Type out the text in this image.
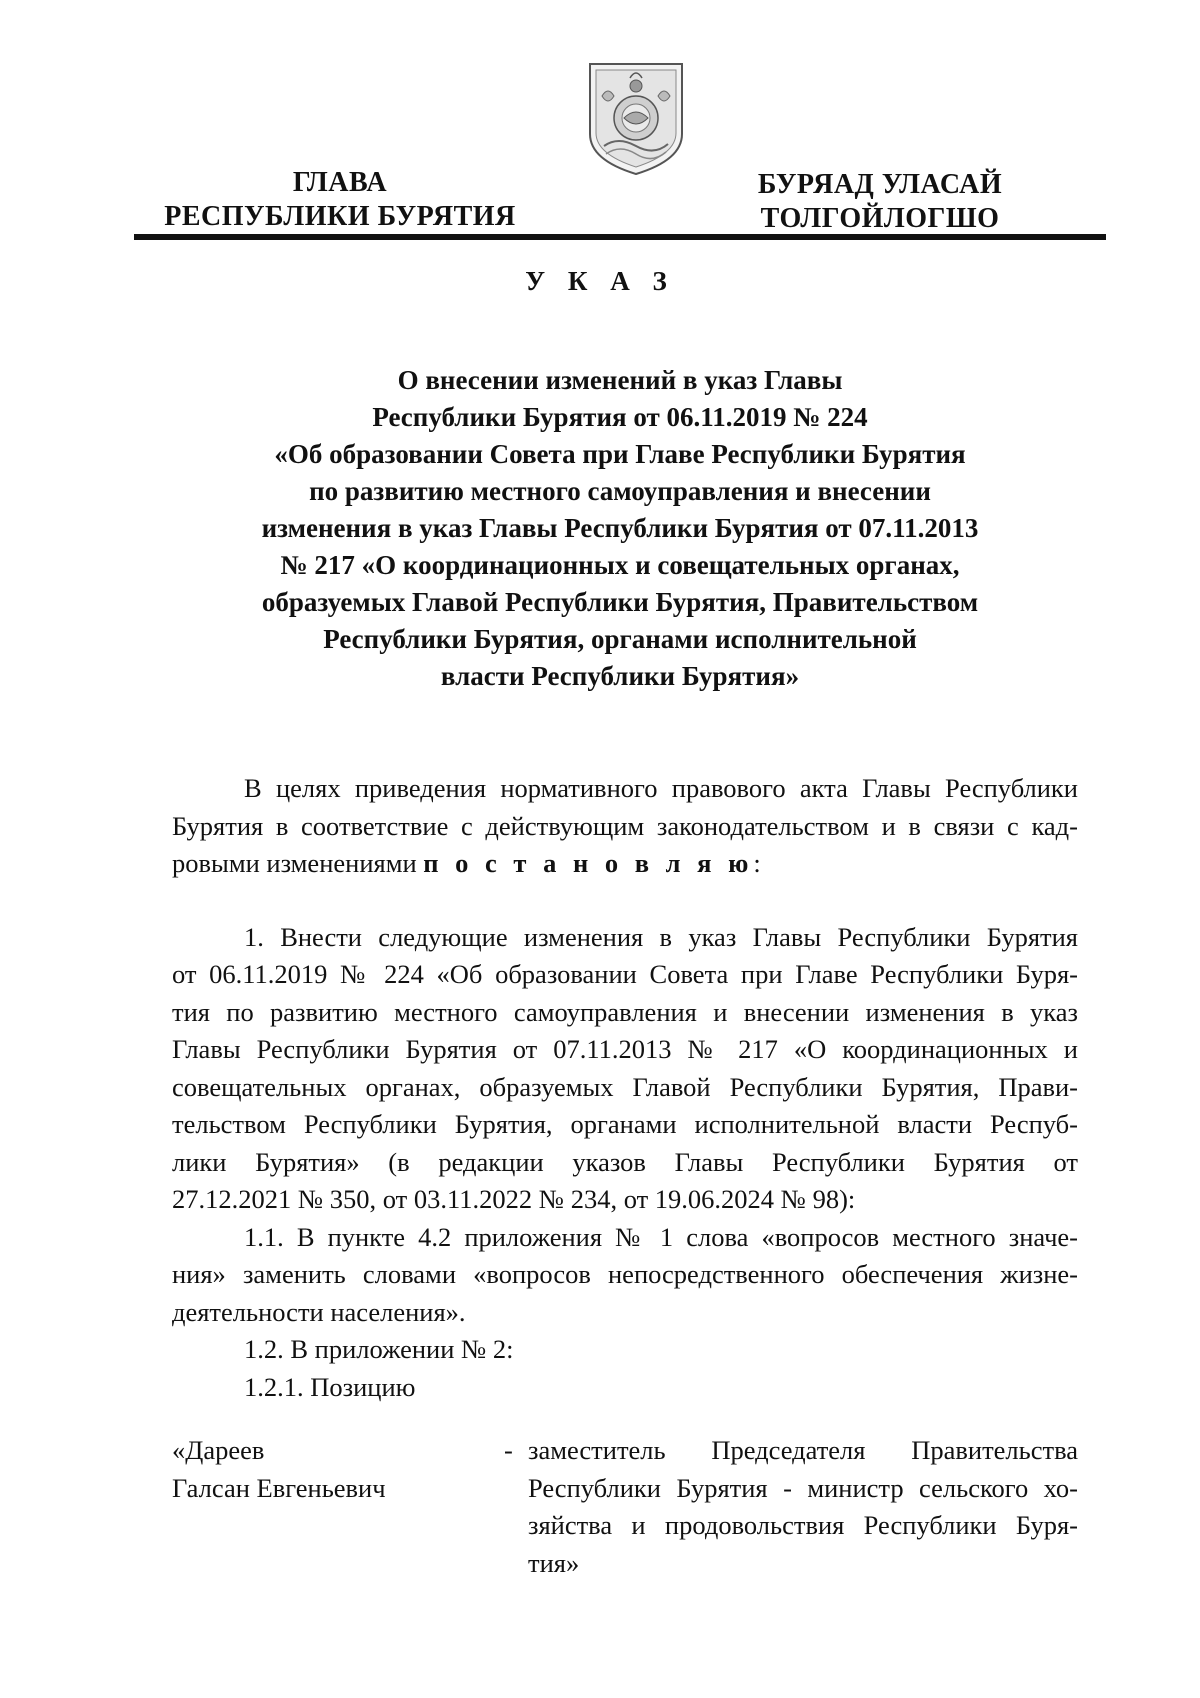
ГЛАВА
РЕСПУБЛИКИ БУРЯТИЯ
БУРЯАД УЛАСАЙ
ТОЛГОЙЛОГШО
У К А З
О внесении изменений в указ Главы
Республики Бурятия от 06.11.2019 № 224
«Об образовании Совета при Главе Республики Бурятия
по развитию местного самоуправления и внесении
изменения в указ Главы Республики Бурятия от 07.11.2013
№ 217 «О координационных и совещательных органах,
образуемых Главой Республики Бурятия, Правительством
Республики Бурятия, органами исполнительной
власти Республики Бурятия»
В целях приведения нормативного правового акта Главы Республики
Бурятия в соответствие с действующим законодательством и в связи с кад-
ровыми изменениями п о с т а н о в л я ю:
1. Внести следующие изменения в указ Главы Республики Бурятия
от 06.11.2019 № 224 «Об образовании Совета при Главе Республики Буря-
тия по развитию местного самоуправления и внесении изменения в указ
Главы Республики Бурятия от 07.11.2013 № 217 «О координационных и
совещательных органах, образуемых Главой Республики Бурятия, Прави-
тельством Республики Бурятия, органами исполнительной власти Респуб-
лики Бурятия» (в редакции указов Главы Республики Бурятия от
27.12.2021 № 350, от 03.11.2022 № 234, от 19.06.2024 № 98):
1.1. В пункте 4.2 приложения № 1 слова «вопросов местного значе-
ния» заменить словами «вопросов непосредственного обеспечения жизне-
деятельности населения».
1.2. В приложении № 2:
1.2.1. Позицию
«Дареев
Галсан Евгеньевич
- заместитель Председателя Правительства
Республики Бурятия - министр сельского хо-
зяйства и продовольствия Республики Буря-
тия»
